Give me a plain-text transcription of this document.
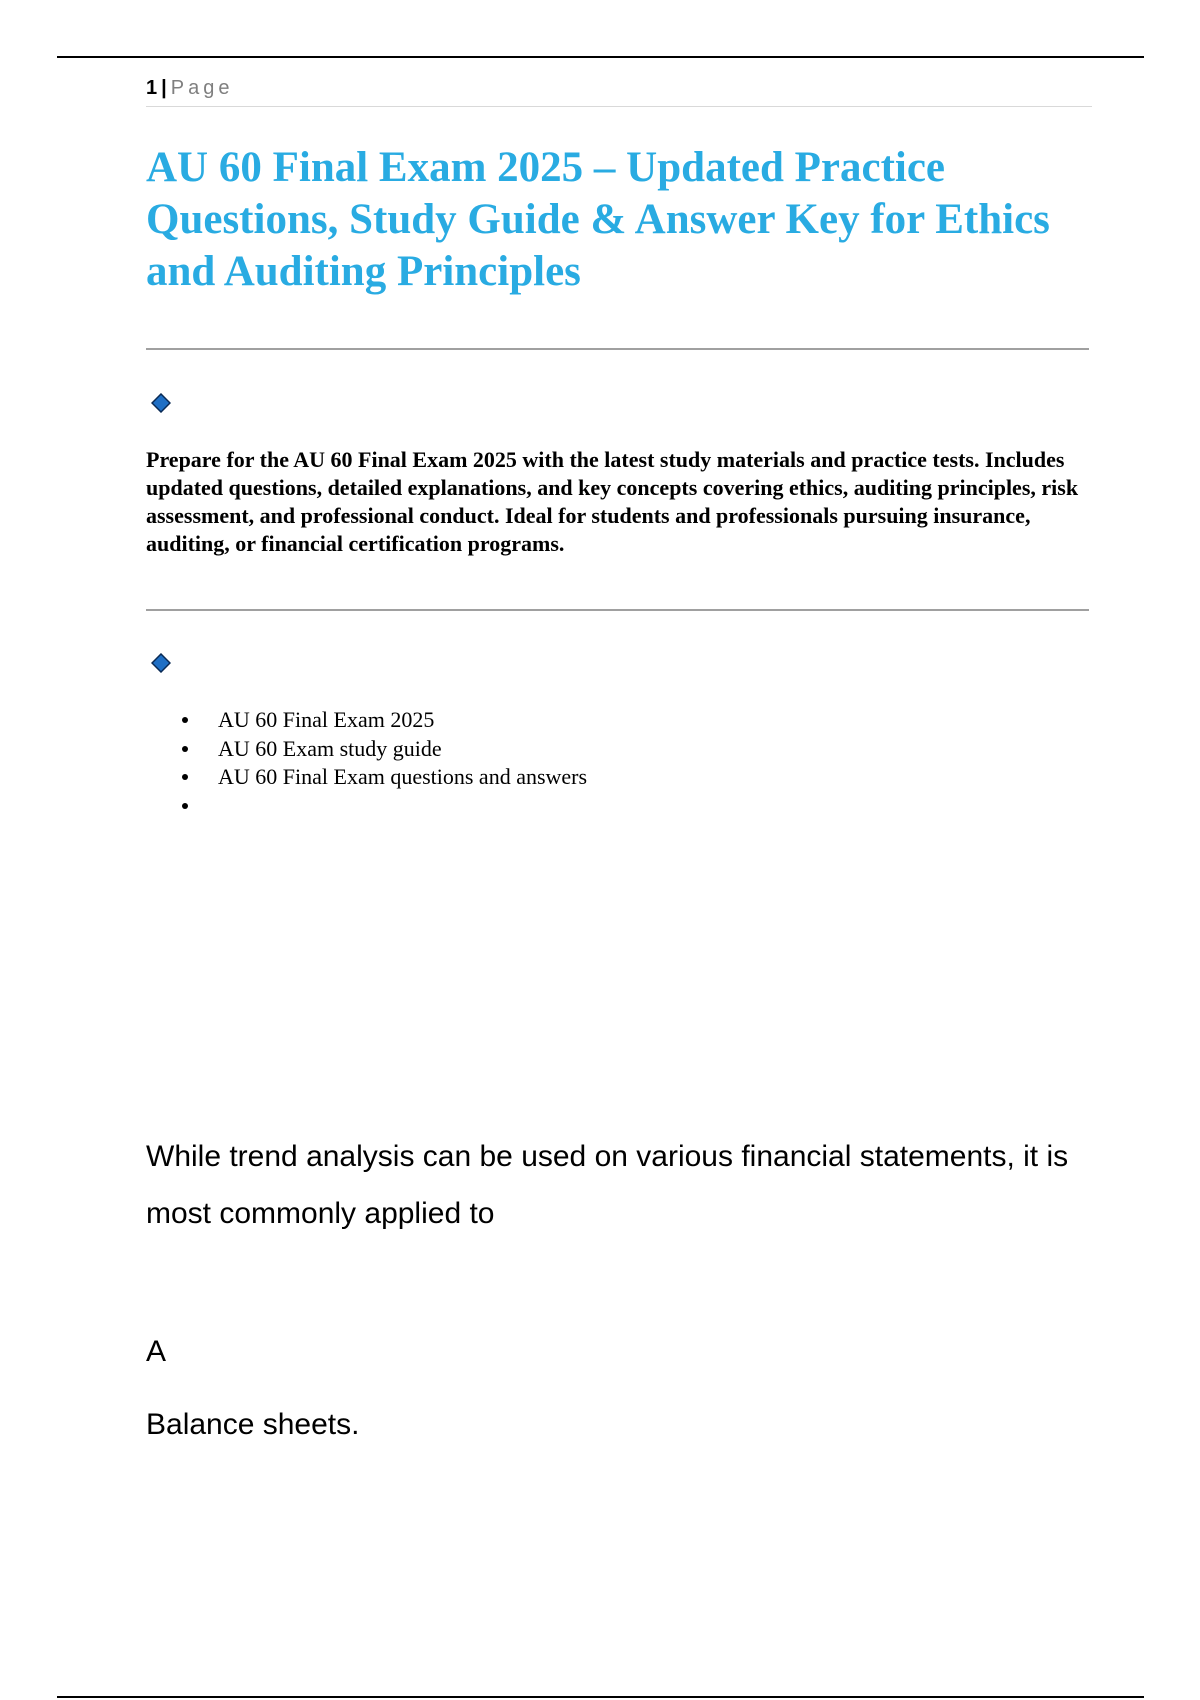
1 | Page
AU 60 Final Exam 2025 – Updated Practice Questions, Study Guide & Answer Key for Ethics and Auditing Principles

Prepare for the AU 60 Final Exam 2025 with the latest study materials and practice tests. Includes updated questions, detailed explanations, and key concepts covering ethics, auditing principles, risk assessment, and professional conduct. Ideal for students and professionals pursuing insurance, auditing, or financial certification programs.

AU 60 Final Exam 2025
AU 60 Exam study guide
AU 60 Final Exam questions and answers

While trend analysis can be used on various financial statements, it is most commonly applied to

A

Balance sheets.
